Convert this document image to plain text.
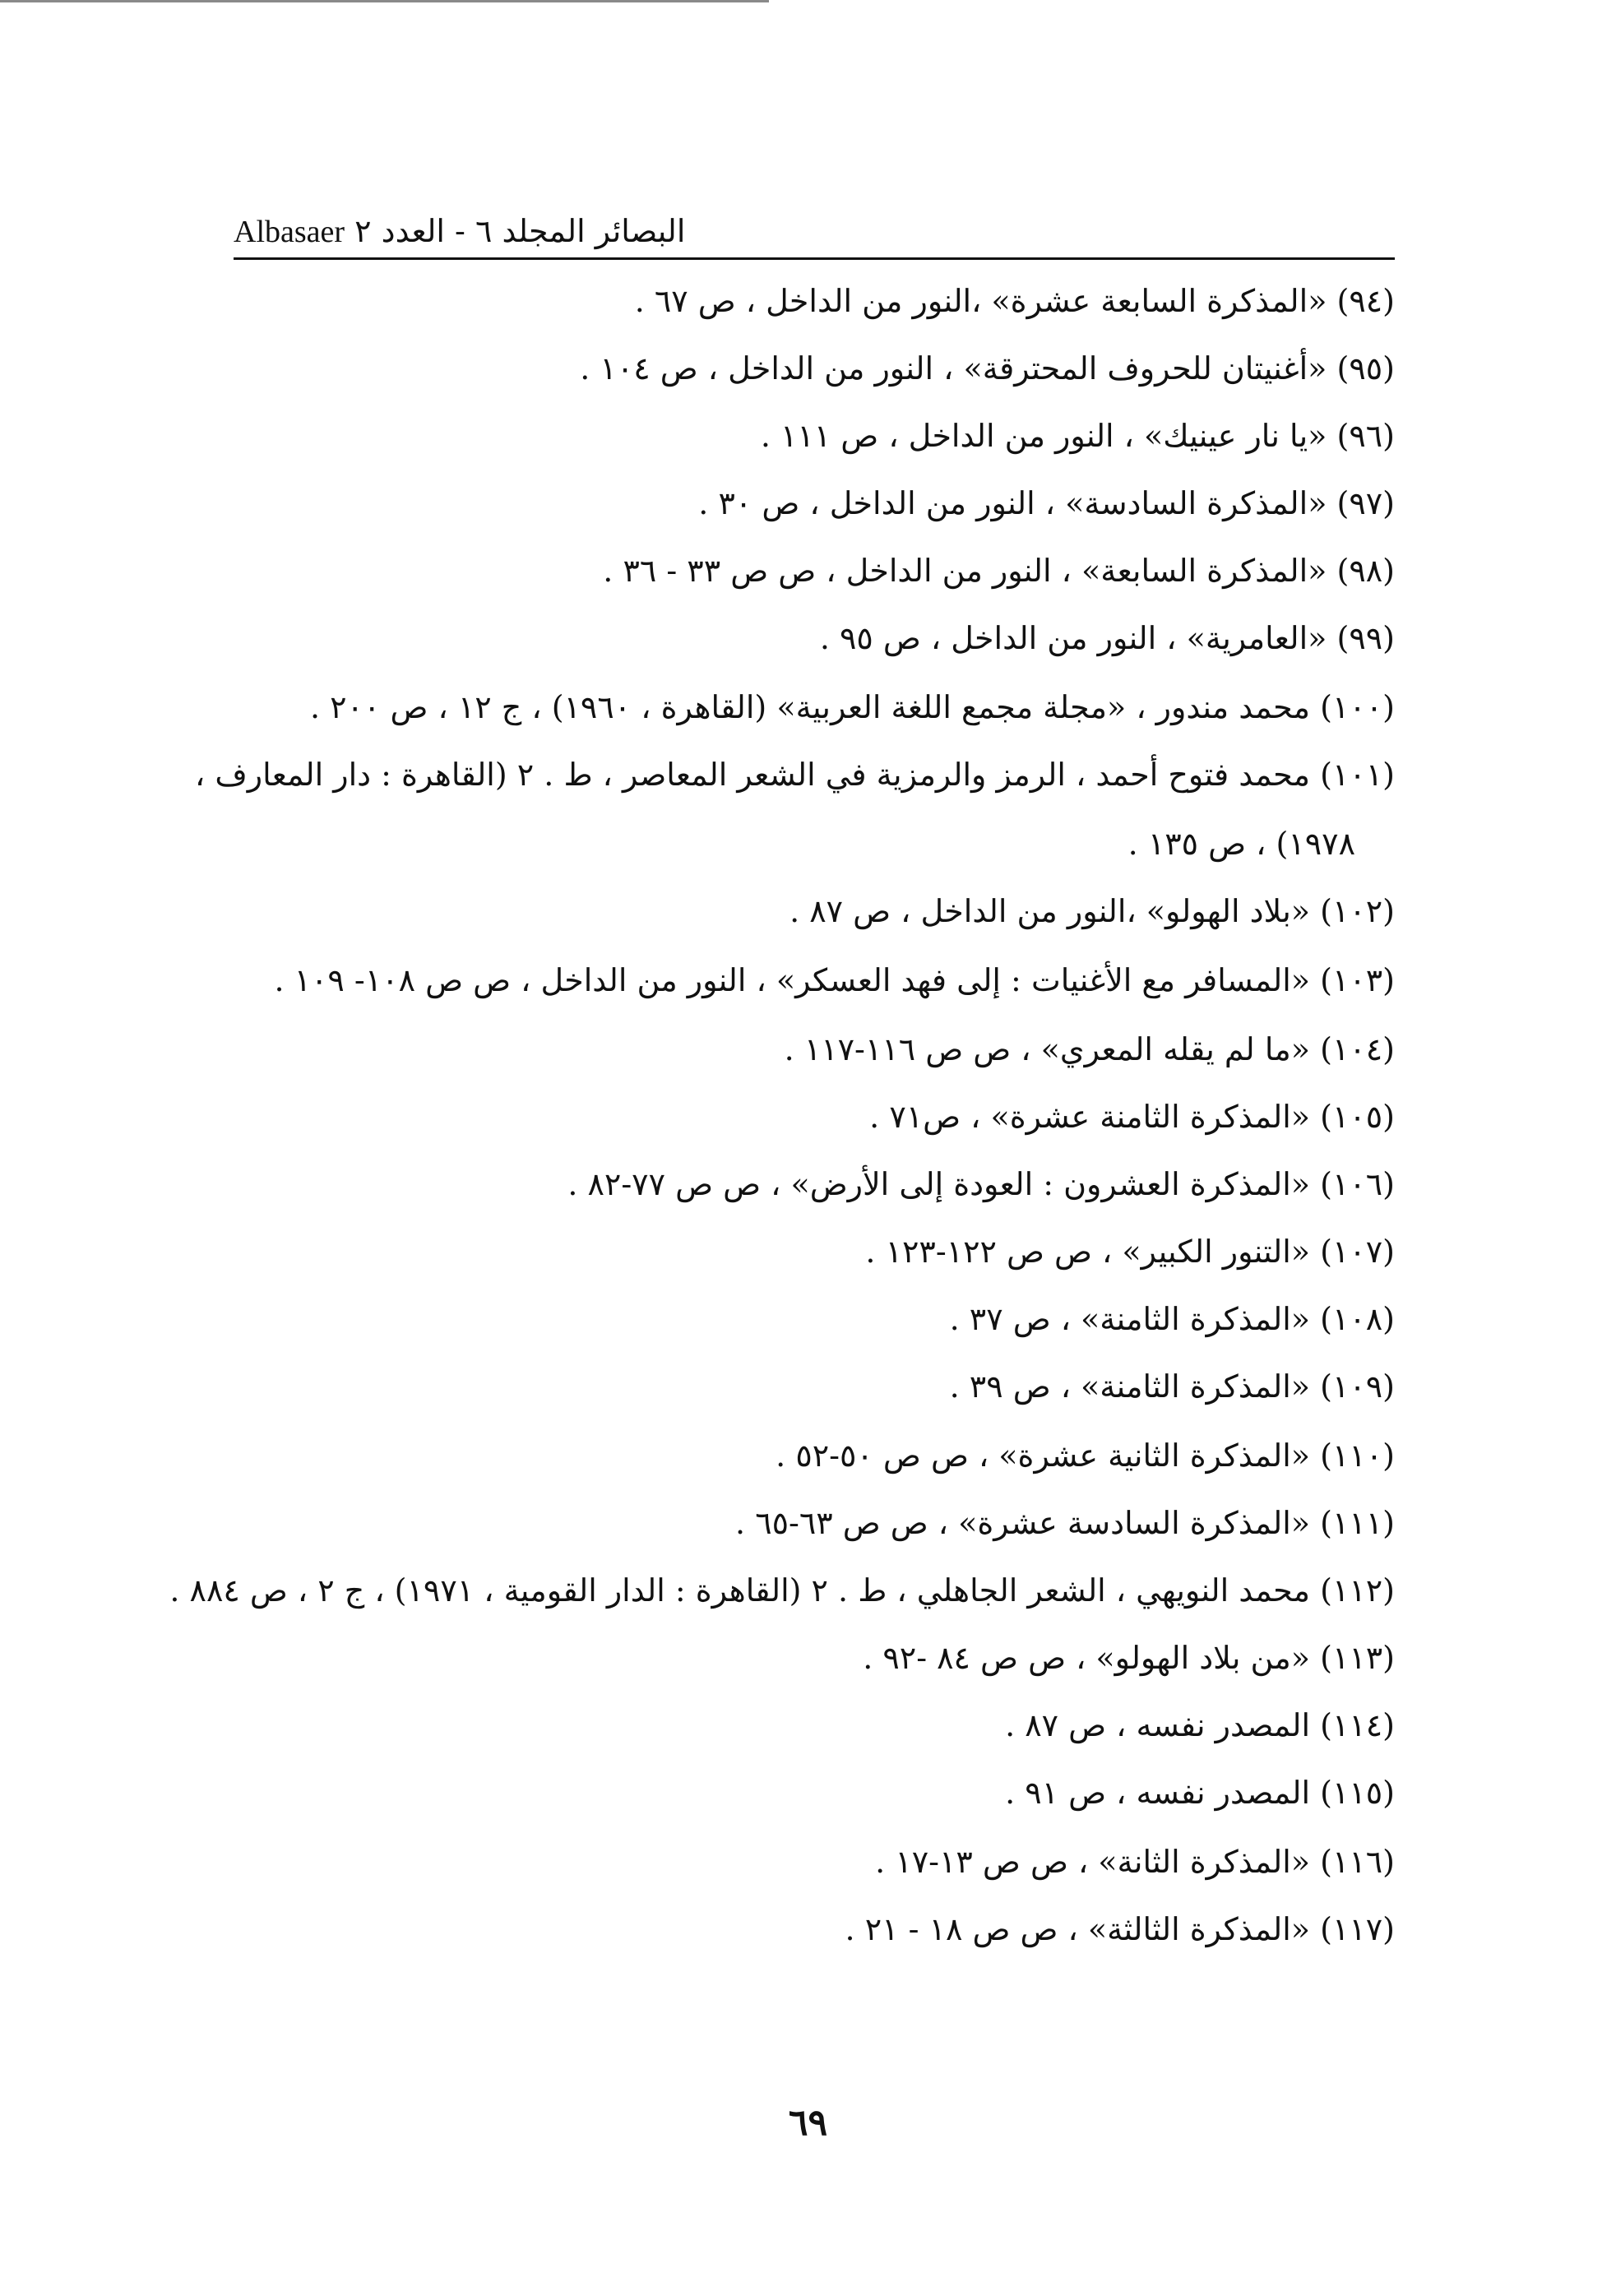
Albasaer البصائر المجلد ٦ - العدد ٢
(٩٤) «المذكرة السابعة عشرة» ،النور من الداخل ، ص ٦٧ .
(٩٥) «أغنيتان للحروف المحترقة» ، النور من الداخل ، ص ١٠٤ .
(٩٦) «يا نار عينيك» ، النور من الداخل ، ص ١١١ .
(٩٧) «المذكرة السادسة» ، النور من الداخل ، ص ٣٠ .
(٩٨) «المذكرة السابعة» ، النور من الداخل ، ص ص ٣٣ - ٣٦ .
(٩٩) «العامرية» ، النور من الداخل ، ص ٩٥ .
(١٠٠) محمد مندور ، «مجلة مجمع اللغة العربية» (القاهرة ، ١٩٦٠) ، ج ١٢ ، ص ٢٠٠ .
(١٠١) محمد فتوح أحمد ، الرمز والرمزية في الشعر المعاصر ، ط . ٢ (القاهرة : دار المعارف ،
١٩٧٨) ، ص ١٣٥ .
(١٠٢) «بلاد الهولو» ،النور من الداخل ، ص ٨٧ .
(١٠٣) «المسافر مع الأغنيات : إلى فهد العسكر» ، النور من الداخل ، ص ص ١٠٨- ١٠٩ .
(١٠٤) «ما لم يقله المعري» ، ص ص ١١٦-١١٧ .
(١٠٥) «المذكرة الثامنة عشرة» ، ص٧١ .
(١٠٦) «المذكرة العشرون : العودة إلى الأرض» ، ص ص ٧٧-٨٢ .
(١٠٧) «التنور الكبير» ، ص ص ١٢٢-١٢٣ .
(١٠٨) «المذكرة الثامنة» ، ص ٣٧ .
(١٠٩) «المذكرة الثامنة» ، ص ٣٩ .
(١١٠) «المذكرة الثانية عشرة» ، ص ص ٥٠-٥٢ .
(١١١) «المذكرة السادسة عشرة» ، ص ص ٦٣-٦٥ .
(١١٢) محمد النويهي ، الشعر الجاهلي ، ط . ٢ (القاهرة : الدار القومية ، ١٩٧١) ، ج ٢ ، ص ٨٨٤ .
(١١٣) «من بلاد الهولو» ، ص ص ٨٤ -٩٢ .
(١١٤) المصدر نفسه ، ص ٨٧ .
(١١٥) المصدر نفسه ، ص ٩١ .
(١١٦) «المذكرة الثانة» ، ص ص ١٣-١٧ .
(١١٧) «المذكرة الثالثة» ، ص ص ١٨ - ٢١ .
٦٩
